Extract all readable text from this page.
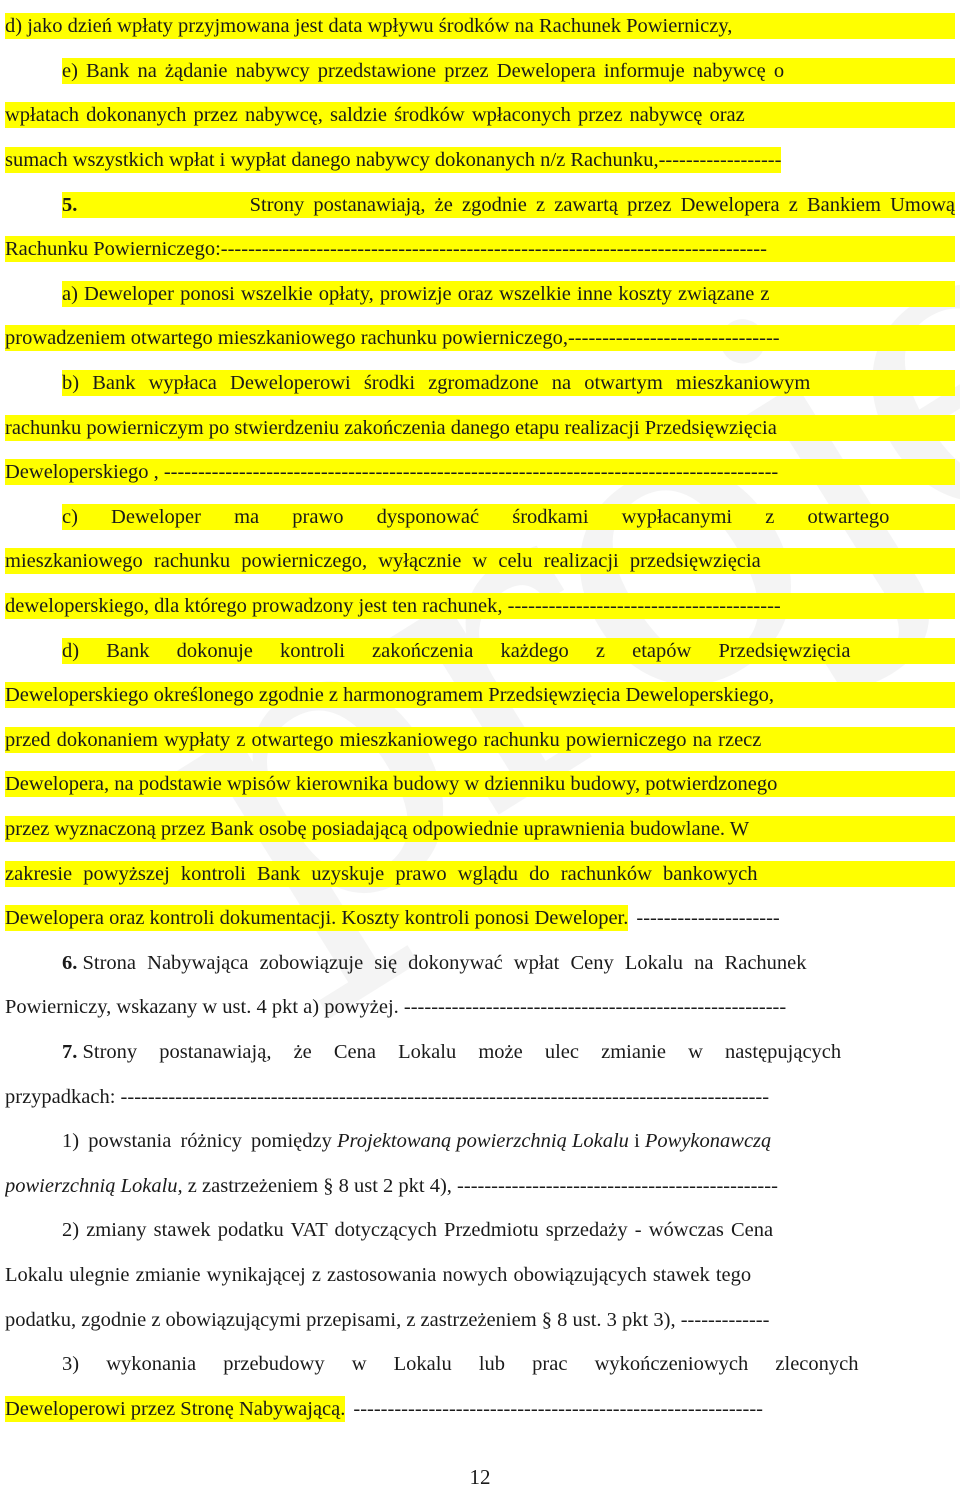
d) jako dzień wpłaty przyjmowana jest data wpływu środków na Rachunek Powierniczy,
e) Bank na żądanie nabywcy przedstawione przez Dewelopera informuje nabywcę o
wpłatach dokonanych przez nabywcę, saldzie środków wpłaconych przez nabywcę oraz
sumach wszystkich wpłat i wypłat danego nabywcy dokonanych n/z Rachunku,------------------
5.
	Strony postanawiają, że zgodnie z zawartą przez Dewelopera z Bankiem Umową
Rachunku Powierniczego:--------------------------------------------------------------------------------
a) Deweloper ponosi wszelkie opłaty, prowizje oraz wszelkie inne koszty związane z
prowadzeniem otwartego mieszkaniowego rachunku powierniczego,-------------------------------
b) Bank wypłaca Deweloperowi środki zgromadzone na otwartym mieszkaniowym
rachunku powierniczym po stwierdzeniu zakończenia danego etapu realizacji Przedsięwzięcia
Deweloperskiego , ------------------------------------------------------------------------------------------
c) Deweloper ma prawo dysponować środkami wypłacanymi z otwartego
mieszkaniowego rachunku powierniczego, wyłącznie w celu realizacji przedsięwzięcia
deweloperskiego, dla którego prowadzony jest ten rachunek, ----------------------------------------
d) Bank dokonuje kontroli zakończenia każdego z etapów Przedsięwzięcia
Deweloperskiego określonego zgodnie z harmonogramem Przedsięwzięcia Deweloperskiego,
przed dokonaniem wypłaty z otwartego mieszkaniowego rachunku powierniczego na rzecz
Dewelopera, na podstawie wpisów kierownika budowy w dzienniku budowy, potwierdzonego
przez wyznaczoną przez Bank osobę posiadającą odpowiednie uprawnienia budowlane. W
zakresie powyższej kontroli Bank uzyskuje prawo wglądu do rachunków bankowych
Dewelopera oraz kontroli dokumentacji. Koszty kontroli ponosi Deweloper. ---------------------
6.
Strona Nabywająca zobowiązuje się dokonywać wpłat Ceny Lokalu na Rachunek
Powierniczy, wskazany w ust. 4 pkt a) powyżej. --------------------------------------------------------
7.
Strony postanawiają, że Cena Lokalu może ulec zmianie w następujących
przypadkach: -----------------------------------------------------------------------------------------------
1) powstania różnicy pomiędzy
Projektowaną powierzchnią Lokalu
i
Powykonawczą
powierzchnią Lokalu,
z zastrzeżeniem § 8 ust 2 pkt 4), -----------------------------------------------
2) zmiany stawek podatku VAT dotyczących Przedmiotu sprzedaży - wówczas Cena
Lokalu ulegnie zmianie wynikającej z zastosowania nowych obowiązujących stawek tego
podatku, zgodnie z obowiązującymi przepisami, z zastrzeżeniem § 8 ust. 3 pkt 3), -------------
3) wykonania przebudowy w Lokalu lub prac wykończeniowych zleconych
Deweloperowi przez Stronę Nabywającą. ------------------------------------------------------------
12
